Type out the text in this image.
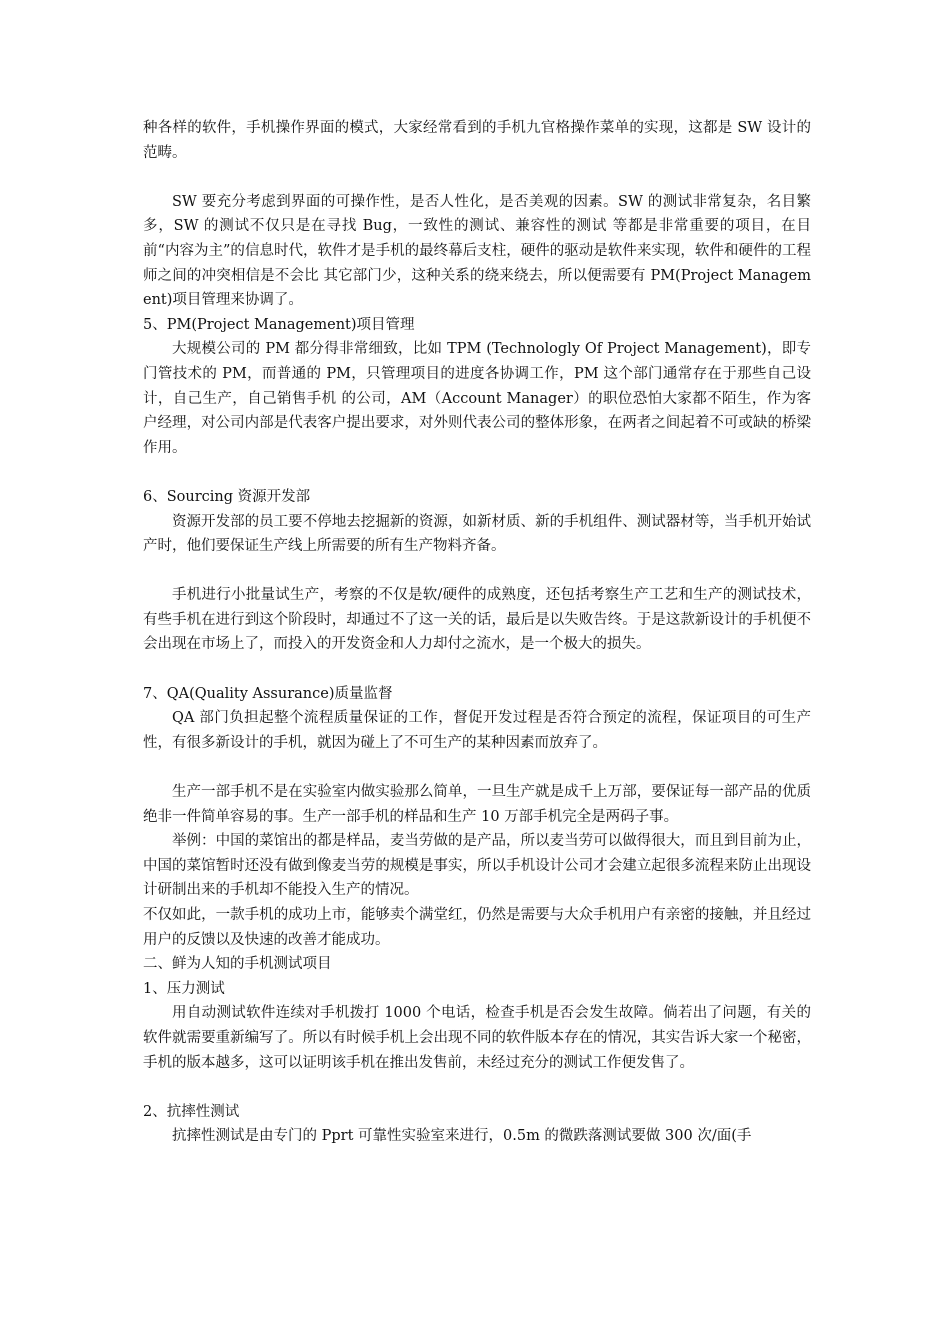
种各样的软件，手机操作界面的模式，大家经常看到的手机九官格操作菜单的实现，这都是 SW 设计的范畴。

SW 要充分考虑到界面的可操作性，是否人性化，是否美观的因素。SW 的测试非常复杂，名目繁多，SW 的测试不仅只是在寻找 Bug，一致性的测试、兼容性的测试 等都是非常重要的项目，在目前“内容为主”的信息时代，软件才是手机的最终幕后支柱，硬件的驱动是软件来实现，软件和硬件的工程师之间的冲突相信是不会比 其它部门少，这种关系的绕来绕去，所以便需要有 PM(Project Management)项目管理来协调了。

5、PM(Project Management)项目管理

大规模公司的 PM 都分得非常细致，比如 TPM (Technologly Of Project Management)，即专门管技术的 PM，而普通的 PM，只管理项目的进度各协调工作，PM 这个部门通常存在于那些自己设计，自己生产，自己销售手机 的公司，AM（Account Manager）的职位恐怕大家都不陌生，作为客户经理，对公司内部是代表客户提出要求，对外则代表公司的整体形象，在两者之间起着不可或缺的桥梁作用。

6、Sourcing 资源开发部

资源开发部的员工要不停地去挖掘新的资源，如新材质、新的手机组件、测试器材等，当手机开始试产时，他们要保证生产线上所需要的所有生产物料齐备。

手机进行小批量试生产，考察的不仅是软/硬件的成熟度，还包括考察生产工艺和生产的测试技术，有些手机在进行到这个阶段时，却通过不了这一关的话，最后是以失败告终。于是这款新设计的手机便不会出现在市场上了，而投入的开发资金和人力却付之流水，是一个极大的损失。

7、QA(Quality Assurance)质量监督

QA 部门负担起整个流程质量保证的工作，督促开发过程是否符合预定的流程，保证项目的可生产性，有很多新设计的手机，就因为碰上了不可生产的某种因素而放弃了。

生产一部手机不是在实验室内做实验那么简单，一旦生产就是成千上万部，要保证每一部产品的优质绝非一件简单容易的事。生产一部手机的样品和生产 10 万部手机完全是两码子事。

举例：中国的菜馆出的都是样品，麦当劳做的是产品，所以麦当劳可以做得很大，而且到目前为止，中国的菜馆暂时还没有做到像麦当劳的规模是事实，所以手机设计公司才会建立起很多流程来防止出现设计研制出来的手机却不能投入生产的情况。

不仅如此，一款手机的成功上市，能够卖个满堂红，仍然是需要与大众手机用户有亲密的接触，并且经过用户的反馈以及快速的改善才能成功。

二、鲜为人知的手机测试项目

1、压力测试

用自动测试软件连续对手机拨打 1000 个电话，检查手机是否会发生故障。倘若出了问题，有关的软件就需要重新编写了。所以有时候手机上会出现不同的软件版本存在的情况，其实告诉大家一个秘密，手机的版本越多，这可以证明该手机在推出发售前，未经过充分的测试工作便发售了。

2、抗摔性测试

抗摔性测试是由专门的 Pprt 可靠性实验室来进行，0.5m 的微跌落测试要做 300 次/面(手
